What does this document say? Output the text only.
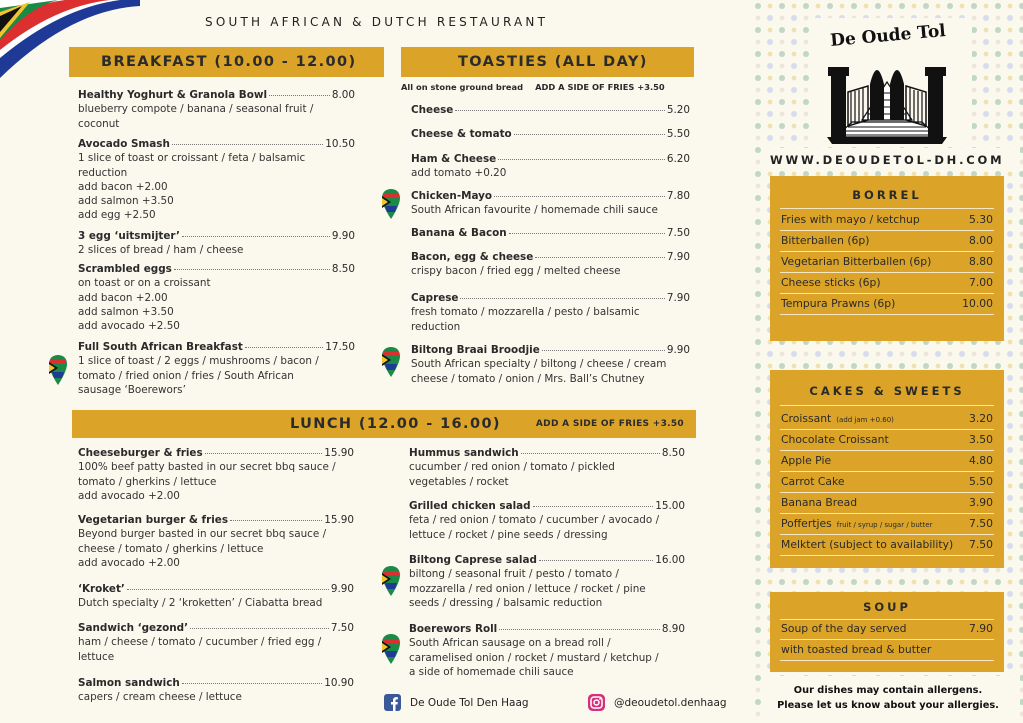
SOUTH AFRICAN & DUTCH RESTAURANT
BREAKFAST (10.00 - 12.00)	TOASTIES (ALL DAY)
All on stone ground bread ADD A SIDE OF FRIES +3.50
LUNCH (12.00 - 16.00)	ADD A SIDE OF FRIES +3.50
Healthy Yoghurt & Granola Bowl	8.00
blueberry compote / banana / seasonal fruit /
coconut
Avocado Smash	10.50
1 slice of toast or croissant / feta / balsamic
reduction
add bacon +2.00
add salmon +3.50
add egg +2.50
3 egg ‘uitsmijter’	9.90
2 slices of bread / ham / cheese
Scrambled eggs	8.50
on toast or on a croissant
add bacon +2.00
add salmon +3.50
add avocado +2.50
Full South African Breakfast	17.50
1 slice of toast / 2 eggs / mushrooms / bacon /
tomato / fried onion / fries / South African
sausage ‘Boerewors’
Cheese	5.20
Cheese & tomato	5.50
Ham & Cheese	6.20
add tomato +0.20
Chicken-Mayo	7.80
South African favourite / homemade chili sauce
Banana & Bacon	7.50
Bacon, egg & cheese	7.90
crispy bacon / fried egg / melted cheese
Caprese	7.90
fresh tomato / mozzarella / pesto / balsamic
reduction
Biltong Braai Broodjie	9.90
South African specialty / biltong / cheese / cream
cheese / tomato / onion / Mrs. Ball’s Chutney
Cheeseburger & fries	15.90
100% beef patty basted in our secret bbq sauce /
tomato / gherkins / lettuce
add avocado +2.00
Vegetarian burger & fries	15.90
Beyond burger basted in our secret bbq sauce /
cheese / tomato / gherkins / lettuce
add avocado +2.00
‘Kroket’	9.90
Dutch specialty / 2 ‘kroketten’ / Ciabatta bread
Sandwich ‘gezond’	7.50
ham / cheese / tomato / cucumber / fried egg /
lettuce
Salmon sandwich	10.90
capers / cream cheese / lettuce
Hummus sandwich	8.50
cucumber / red onion / tomato / pickled
vegetables / rocket
Grilled chicken salad	15.00
feta / red onion / tomato / cucumber / avocado /
lettuce / rocket / pine seeds / dressing
Biltong Caprese salad	16.00
biltong / seasonal fruit / pesto / tomato /
mozzarella / red onion / lettuce / rocket / pine
seeds / dressing / balsamic reduction
Boerewors Roll	8.90
South African sausage on a bread roll /
caramelised onion / rocket / mustard / ketchup /
a side of homemade chili sauce
De Oude Tol Den Haag	@deoudetol.denhaag
De Oude Tol
WWW.DEOUDETOL-DH.COM
BORREL
Fries with mayo / ketchup	5.30
Bitterballen (6p)	8.00
Vegetarian Bitterballen (6p)	8.80
Cheese sticks (6p)	7.00
Tempura Prawns (6p)	10.00
CAKES & SWEETS
Croissant (add jam +0.60)	3.20
Chocolate Croissant	3.50
Apple Pie	4.80
Carrot Cake	5.50
Banana Bread	3.90
Poffertjes fruit / syrup / sugar / butter	7.50
Melktert (subject to availability) 7.50
SOUP
Soup of the day served	7.90
with toasted bread & butter
Our dishes may contain allergens.
Please let us know about your allergies.
